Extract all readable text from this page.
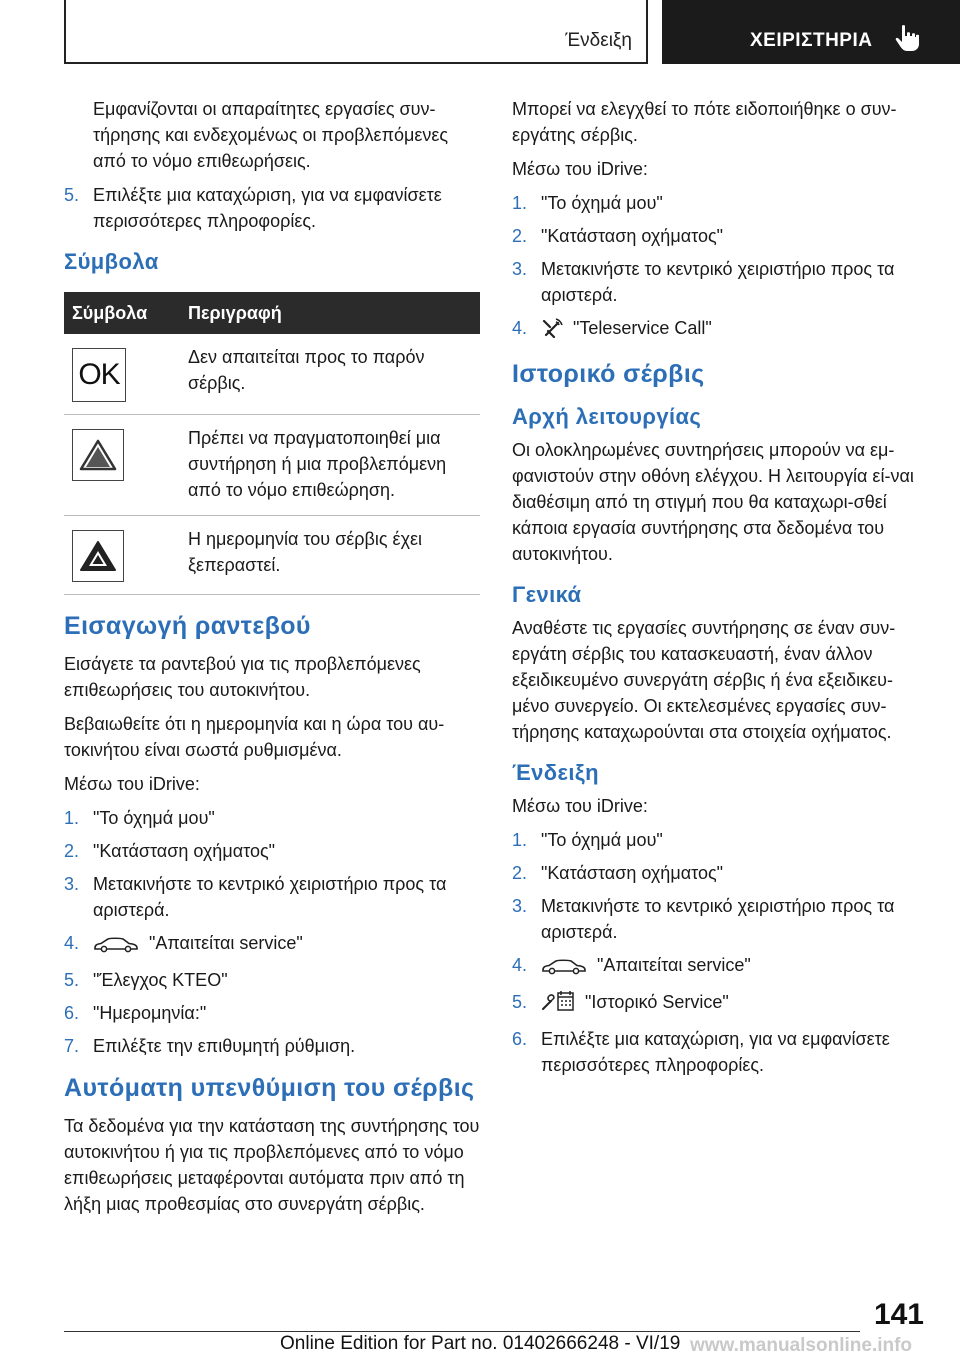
Ένδειξη	ΧΕΙΡΙΣΤΗΡΙΑ

Εμφανίζονται οι απαραίτητες εργασίες συν-τήρησης και ενδεχομένως οι προβλεπόμενες από το νόμο επιθεωρήσεις.

5. Επιλέξτε μια καταχώριση, για να εμφανίσετε περισσότερες πληροφορίες.
Σύμβολα
Σύμβολα	Περιγραφή

OK	Δεν απαιτείται προς το παρόν σέρβις.

	Πρέπει να πραγματοποιηθεί μια συντήρηση ή μια προβλεπόμενη από το νόμο επιθεώρηση.

	Η ημερομηνία του σέρβις έχει ξεπεραστεί.
Εισαγωγή ραντεβού

Εισάγετε τα ραντεβού για τις προβλεπόμενες επιθεωρήσεις του αυτοκινήτου.

Βεβαιωθείτε ότι η ημερομηνία και η ώρα του αυ-τοκινήτου είναι σωστά ρυθμισμένα.

Μέσω του iDrive:

1. "Το όχημά μου"
2. "Κατάσταση οχήματος"
3. Μετακινήστε το κεντρικό χειριστήριο προς τα αριστερά.
4.	"Απαιτείται service"
5. "Έλεγχος ΚΤΕΟ"
6. "Ημερομηνία:"
7. Επιλέξτε την επιθυμητή ρύθμιση.
Αυτόματη υπενθύμιση του σέρβις

Τα δεδομένα για την κατάσταση της συντήρησης του αυτοκινήτου ή για τις προβλεπόμενες από το νόμο επιθεωρήσεις μεταφέρονται αυτόματα πριν από τη λήξη μιας προθεσμίας στο συνεργάτη σέρβις.

Μπορεί να ελεγχθεί το πότε ειδοποιήθηκε ο συν-εργάτης σέρβις.

Μέσω του iDrive:

1. "Το όχημά μου"
2. "Κατάσταση οχήματος"
3. Μετακινήστε το κεντρικό χειριστήριο προς τα αριστερά.
4.	"Teleservice Call"
Ιστορικό σέρβις
Αρχή λειτουργίας

Οι ολοκληρωμένες συντηρήσεις μπορούν να εμ-φανιστούν στην οθόνη ελέγχου. Η λειτουργία εί-ναι διαθέσιμη από τη στιγμή που θα καταχωρι-σθεί κάποια εργασία συντήρησης στα δεδομένα του αυτοκινήτου.

Γενικά

Αναθέστε τις εργασίες συντήρησης σε έναν συν-εργάτη σέρβις του κατασκευαστή, έναν άλλον εξειδικευμένο συνεργάτη σέρβις ή ένα εξειδικευ-μένο συνεργείο. Οι εκτελεσμένες εργασίες συν-τήρησης καταχωρούνται στα στοιχεία οχήματος.

Ένδειξη

Μέσω του iDrive:

1. "Το όχημά μου"
2. "Κατάσταση οχήματος"
3. Μετακινήστε το κεντρικό χειριστήριο προς τα αριστερά.
4.	"Απαιτείται service"
5.	"Ιστορικό Service"
6. Επιλέξτε μια καταχώριση, για να εμφανίσετε περισσότερες πληροφορίες.
141
Online Edition for Part no. 01402666248 - VI/19 www.manualsonline.info
